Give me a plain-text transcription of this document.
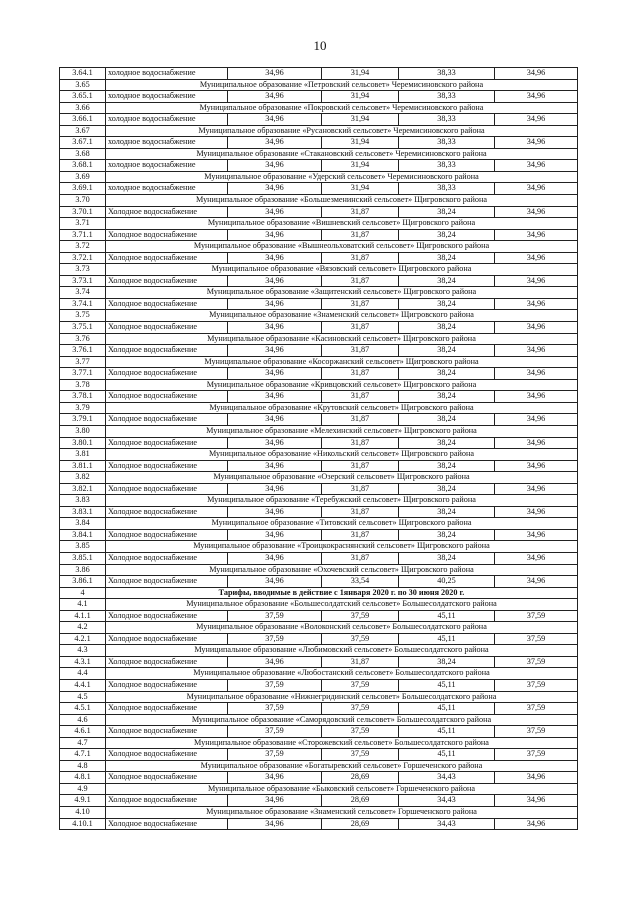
10
3.64.1	холодное водоснабжение	34,96	31,94	38,33	34,96
3.65	Муниципальное образование «Петровский сельсовет» Черемисиновского района				
3.65.1	холодное водоснабжение	34,96	31,94	38,33	34,96
3.66	Муниципальное образование «Покровский сельсовет» Черемисиновского района				
3.66.1	холодное водоснабжение	34,96	31,94	38,33	34,96
3.67	Муниципальное образование «Русановский сельсовет» Черемисиновского района				
3.67.1	холодное водоснабжение	34,96	31,94	38,33	34,96
3.68	Муниципальное образование «Стакановский сельсовет» Черемисиновского района				
3.68.1	холодное водоснабжение	34,96	31,94	38,33	34,96
3.69	Муниципальное образование «Удерский сельсовет» Черемисиновского района				
3.69.1	холодное водоснабжение	34,96	31,94	38,33	34,96
3.70	Муниципальное образование «Большезменинский сельсовет» Щигровского района				
3.70.1	Холодное водоснабжение	34,96	31,87	38,24	34,96
3.71	Муниципальное образование «Вишневский сельсовет» Щигровского района				
3.71.1	Холодное водоснабжение	34,96	31,87	38,24	34,96
3.72	Муниципальное образование «Вышнеольховатский сельсовет» Щигровского района				
3.72.1	Холодное водоснабжение	34,96	31,87	38,24	34,96
3.73	Муниципальное образование «Вязовский сельсовет» Щигровского района				
3.73.1	Холодное водоснабжение	34,96	31,87	38,24	34,96
3.74	Муниципальное образование «Защитенский сельсовет» Щигровского района				
3.74.1	Холодное водоснабжение	34,96	31,87	38,24	34,96
3.75	Муниципальное образование «Знаменский сельсовет» Щигровского района				
3.75.1	Холодное водоснабжение	34,96	31,87	38,24	34,96
3.76	Муниципальное образование «Касиновский сельсовет» Щигровского района				
3.76.1	Холодное водоснабжение	34,96	31,87	38,24	34,96
3.77	Муниципальное образование «Косоржанский сельсовет» Щигровского района				
3.77.1	Холодное водоснабжение	34,96	31,87	38,24	34,96
3.78	Муниципальное образование «Кривцовский сельсовет» Щигровского района				
3.78.1	Холодное водоснабжение	34,96	31,87	38,24	34,96
3.79	Муниципальное образование «Крутовский сельсовет» Щигровского района				
3.79.1	Холодное водоснабжение	34,96	31,87	38,24	34,96
3.80	Муниципальное образование «Мелехинский сельсовет» Щигровского района				
3.80.1	Холодное водоснабжение	34,96	31,87	38,24	34,96
3.81	Муниципальное образование «Никольский сельсовет» Щигровского района				
3.81.1	Холодное водоснабжение	34,96	31,87	38,24	34,96
3.82	Муниципальное образование «Озерский сельсовет» Щигровского района				
3.82.1	Холодное водоснабжение	34,96	31,87	38,24	34,96
3.83	Муниципальное образование «Теребужский сельсовет» Щигровского района				
3.83.1	Холодное водоснабжение	34,96	31,87	38,24	34,96
3.84	Муниципальное образование «Титовский сельсовет» Щигровского района				
3.84.1	Холодное водоснабжение	34,96	31,87	38,24	34,96
3.85	Муниципальное образование «Троицкокраснянский сельсовет» Щигровского района				
3.85.1	Холодное водоснабжение	34,96	31,87	38,24	34,96
3.86	Муниципальное образование «Охочевский сельсовет» Щигровского района				
3.86.1	Холодное водоснабжение	34,96	33,54	40,25	34,96
4	Тарифы, вводимые в действие с 1января 2020 г. по 30 июня 2020 г.				
4.1	Муниципальное образование «Большесолдатский сельсовет» Большесолдатского района				
4.1.1	Холодное водоснабжение	37,59	37,59	45,11	37,59
4.2	Муниципальное образование «Волоконский сельсовет» Большесолдатского района				
4.2.1	Холодное водоснабжение	37,59	37,59	45,11	37,59
4.3	Муниципальное образование «Любимовский сельсовет» Большесолдатского района				
4.3.1	Холодное водоснабжение	34,96	31,87	38,24	37,59
4.4	Муниципальное образование «Любостанский сельсовет» Большесолдатского района				
4.4.1	Холодное водоснабжение	37,59	37,59	45,11	37,59
4.5	Муниципальное образование «Нижнегридинский сельсовет» Большесолдатского района				
4.5.1	Холодное водоснабжение	37,59	37,59	45,11	37,59
4.6	Муниципальное образование «Саморядовский сельсовет» Большесолдатского района				
4.6.1	Холодное водоснабжение	37,59	37,59	45,11	37,59
4.7	Муниципальное образование «Сторожевский сельсовет» Большесолдатского района				
4.7.1	Холодное водоснабжение	37,59	37,59	45,11	37,59
4.8	Муниципальное образование «Богатыревский сельсовет» Горшеченского района				
4.8.1	Холодное водоснабжение	34,96	28,69	34,43	34,96
4.9	Муниципальное образование «Быковский сельсовет» Горшеченского района				
4.9.1	Холодное водоснабжение	34,96	28,69	34,43	34,96
4.10	Муниципальное образование «Знаменский сельсовет» Горшеченского района				
4.10.1	Холодное водоснабжение	34,96	28,69	34,43	34,96
